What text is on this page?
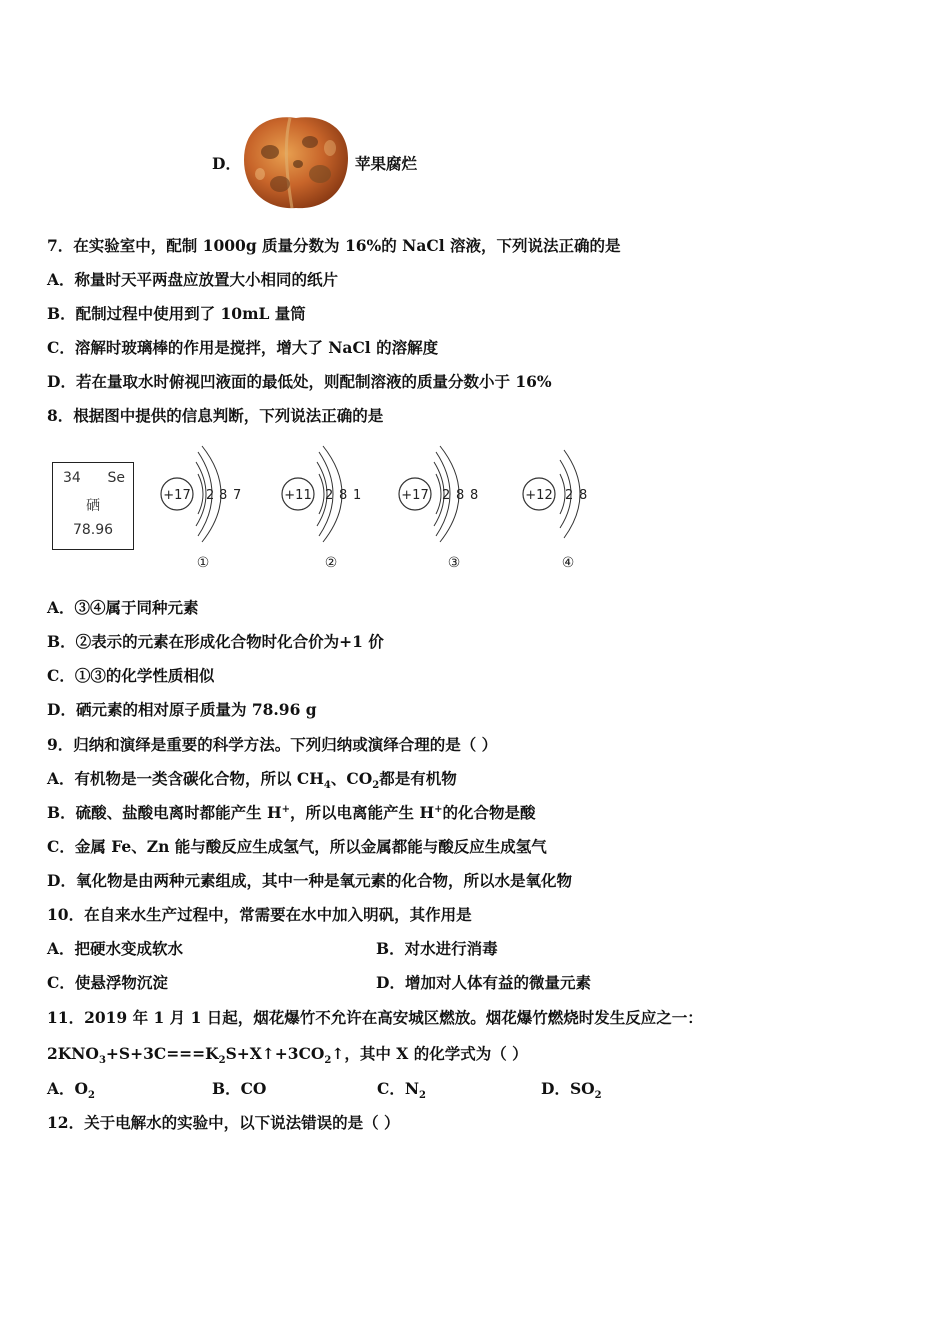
D．	苹果腐烂
7．在实验室中，配制 1000g 质量分数为 16%的 NaCl 溶液，下列说法正确的是
A．称量时天平两盘应放置大小相同的纸片
B．配制过程中使用到了 10mL 量筒
C．溶解时玻璃棒的作用是搅拌，增大了 NaCl 的溶解度
D．若在量取水时俯视凹液面的最低处，则配制溶液的质量分数小于 16%
8．根据图中提供的信息判断，下列说法正确的是
34 Se
硒
78.96
+17 2 8 7
①
+11 2 8 1
②
+17 2 8 8
③
+12 2 8
④
A．③④属于同种元素
B．②表示的元素在形成化合物时化合价为+1 价
C．①③的化学性质相似
D．硒元素的相对原子质量为 78.96 g
9．归纳和演绎是重要的科学方法。下列归纳或演绎合理的是（ ）
A．有机物是一类含碳化合物，所以 $CH_4$、$CO_2$都是有机物
B．硫酸、盐酸电离时都能产生 H+，所以电离能产生 H+的化合物是酸
C．金属 Fe、Zn 能与酸反应生成氢气，所以金属都能与酸反应生成氢气
D．氧化物是由两种元素组成，其中一种是氧元素的化合物，所以水是氧化物
10．在自来水生产过程中，常需要在水中加入明矾，其作用是
A．把硬水变成软水	B．对水进行消毒
C．使悬浮物沉淀	D．增加对人体有益的微量元素
11．2019 年 1 月 1 日起，烟花爆竹不允许在高安城区燃放。烟花爆竹燃烧时发生反应之一：
$2KNO_3+S+3C===K_2S+X↑+3CO_2↑$，其中 X 的化学式为（ ）
A．$O_2$	B．CO	C．$N_2$	D．$SO_2$
12．关于电解水的实验中，以下说法错误的是（ ）
